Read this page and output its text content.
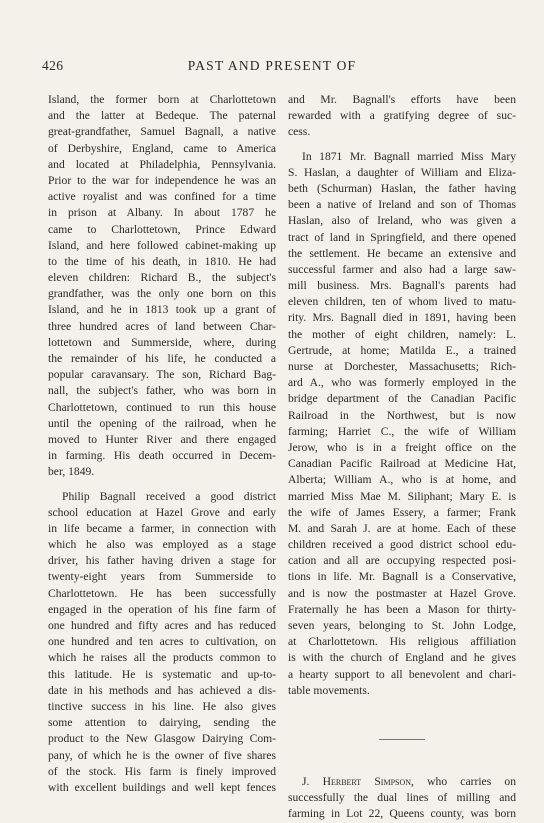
426	PAST AND PRESENT OF
Island, the former born at Charlottetown
and the latter at Bedeque. The paternal
great-grandfather, Samuel Bagnall, a native
of Derbyshire, England, came to America
and located at Philadelphia, Pennsylvania.
Prior to the war for independence he was an
active royalist and was confined for a time
in prison at Albany. In about 1787 he
came to Charlottetown, Prince Edward
Island, and here followed cabinet-making up
to the time of his death, in 1810. He had
eleven children: Richard B., the subject's
grandfather, was the only one born on this
Island, and he in 1813 took up a grant of
three hundred acres of land between Char-
lottetown and Summerside, where, during
the remainder of his life, he conducted a
popular caravansary. The son, Richard Bag-
nall, the subject's father, who was born in
Charlottetown, continued to run this house
until the opening of the railroad, when he
moved to Hunter River and there engaged
in farming. His death occurred in Decem-
ber, 1849.
Philip Bagnall received a good district
school education at Hazel Grove and early
in life became a farmer, in connection with
which he also was employed as a stage
driver, his father having driven a stage for
twenty-eight years from Summerside to
Charlottetown. He has been successfully
engaged in the operation of his fine farm of
one hundred and fifty acres and has reduced
one hundred and ten acres to cultivation, on
which he raises all the products common to
this latitude. He is systematic and up-to-
date in his methods and has achieved a dis-
tinctive success in his line. He also gives
some attention to dairying, sending the
product to the New Glasgow Dairying Com-
pany, of which he is the owner of five shares
of the stock. His farm is finely improved
with excellent buildings and well kept fences
and Mr. Bagnall's efforts have been
rewarded with a gratifying degree of suc-
cess.
In 1871 Mr. Bagnall married Miss Mary
S. Haslan, a daughter of William and Eliza-
beth (Schurman) Haslan, the father having
been a native of Ireland and son of Thomas
Haslan, also of Ireland, who was given a
tract of land in Springfield, and there opened
the settlement. He became an extensive and
successful farmer and also had a large saw-
mill business. Mrs. Bagnall's parents had
eleven children, ten of whom lived to matu-
rity. Mrs. Bagnall died in 1891, having been
the mother of eight children, namely: L.
Gertrude, at home; Matilda E., a trained
nurse at Dorchester, Massachusetts; Rich-
ard A., who was formerly employed in the
bridge department of the Canadian Pacific
Railroad in the Northwest, but is now
farming; Harriet C., the wife of William
Jerow, who is in a freight office on the
Canadian Pacific Railroad at Medicine Hat,
Alberta; William A., who is at home, and
married Miss Mae M. Siliphant; Mary E. is
the wife of James Essery, a farmer; Frank
M. and Sarah J. are at home. Each of these
children received a good district school edu-
cation and all are occupying respected posi-
tions in life. Mr. Bagnall is a Conservative,
and is now the postmaster at Hazel Grove.
Fraternally he has been a Mason for thirty-
seven years, belonging to St. John Lodge,
at Charlottetown. His religious affiliation
is with the church of England and he gives
a hearty support to all benevolent and chari-
table movements.
J. Herbert Simpson, who carries on
successfully the dual lines of milling and
farming in Lot 22, Queens county, was born
